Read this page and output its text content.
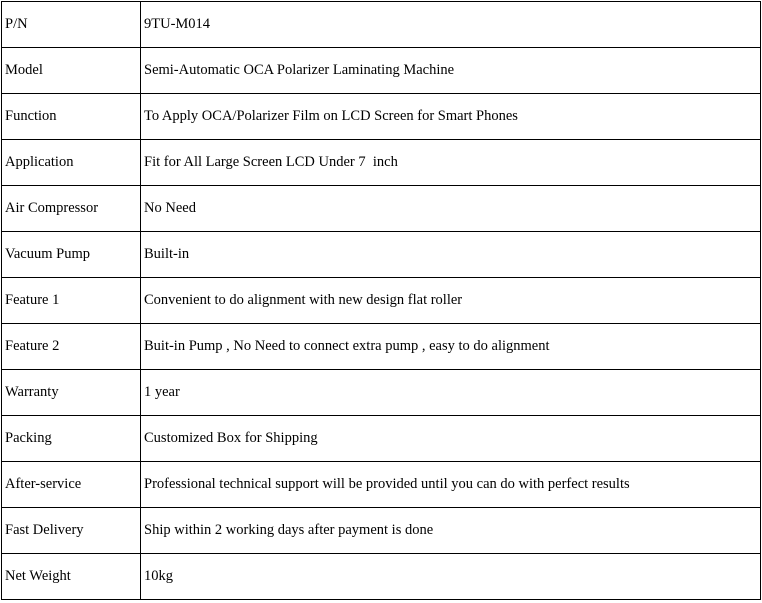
P/N	9TU-M014
Model	Semi-Automatic OCA Polarizer Laminating Machine
Function	To Apply OCA/Polarizer Film on LCD Screen for Smart Phones
Application	Fit for All Large Screen LCD Under 7  inch
Air Compressor	No Need
Vacuum Pump	Built-in
Feature 1	Convenient to do alignment with new design flat roller
Feature 2	Buit-in Pump , No Need to connect extra pump , easy to do alignment
Warranty	1 year
Packing	Customized Box for Shipping
After-service	Professional technical support will be provided until you can do with perfect results
Fast Delivery	Ship within 2 working days after payment is done
Net Weight	10kg
